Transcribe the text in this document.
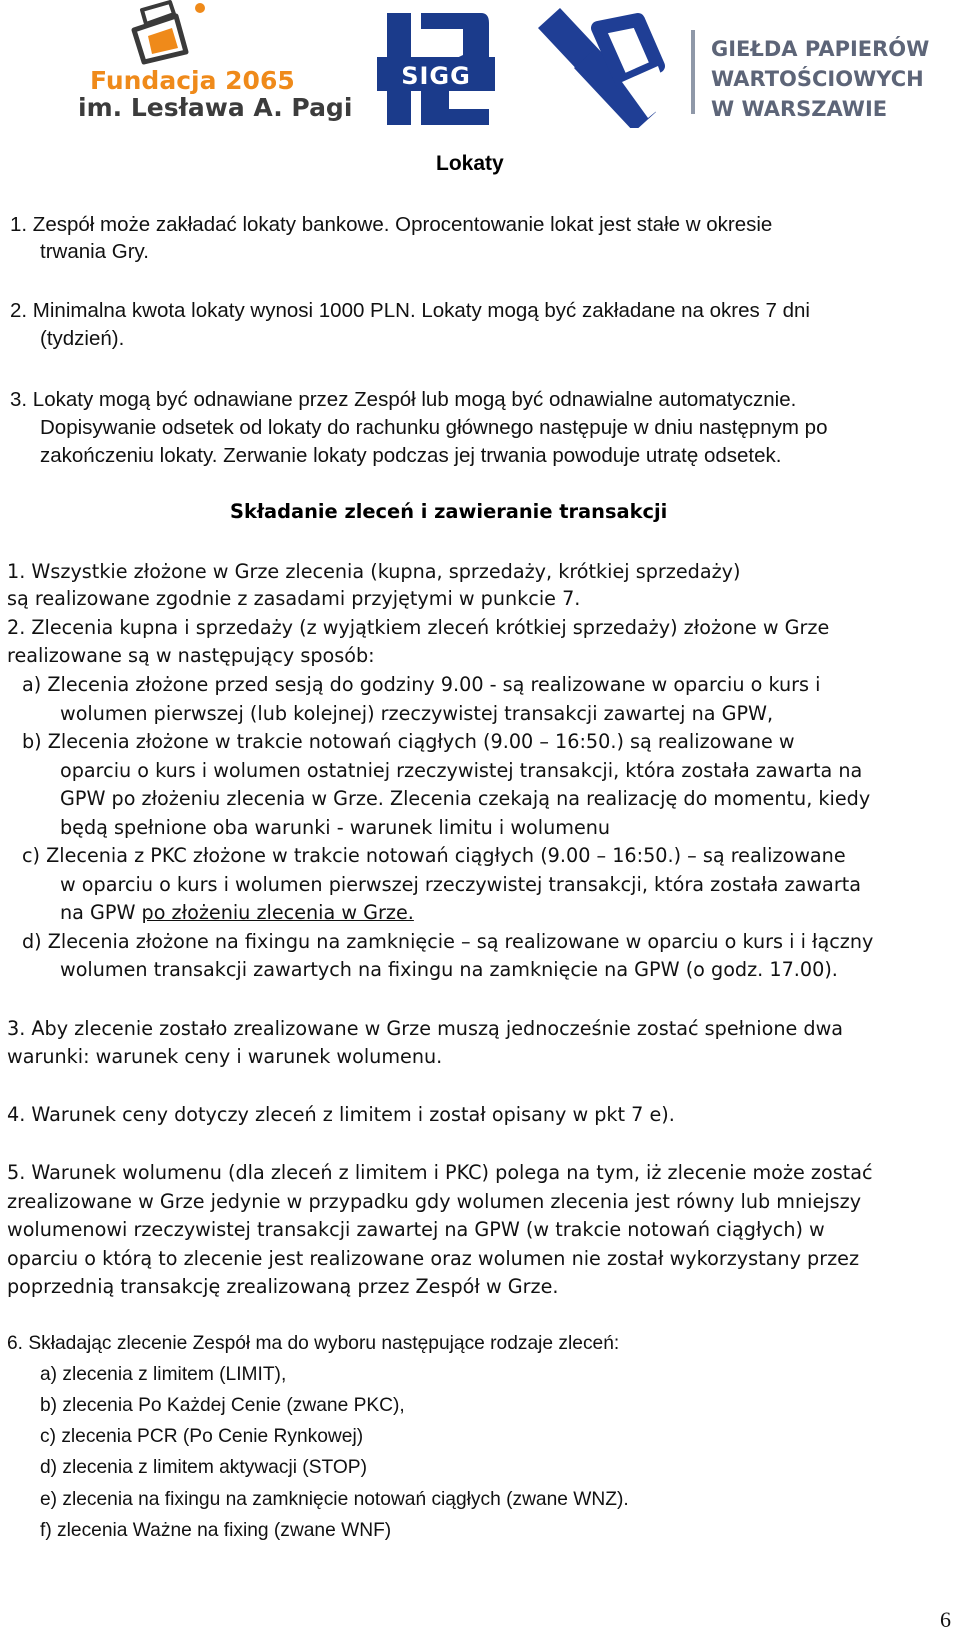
Fundacja 2065
im. Lesława A. Pagi
SIGG
GIEŁDA PAPIERÓW
WARTOŚCIOWYCH
W WARSZAWIE
Lokaty
1. Zespół może zakładać lokaty bankowe. Oprocentowanie lokat jest stałe w okresie
trwania Gry.
2. Minimalna kwota lokaty wynosi 1000 PLN. Lokaty mogą być zakładane na okres 7 dni
(tydzień).
3. Lokaty mogą być odnawiane przez Zespół lub mogą być odnawialne automatycznie.
Dopisywanie odsetek od lokaty do rachunku głównego następuje w dniu następnym po
zakończeniu lokaty. Zerwanie lokaty podczas jej trwania powoduje utratę odsetek.
Składanie zleceń i zawieranie transakcji
1. Wszystkie złożone w Grze zlecenia (kupna, sprzedaży, krótkiej sprzedaży)
są realizowane zgodnie z zasadami przyjętymi w punkcie 7.
2. Zlecenia kupna i sprzedaży (z wyjątkiem zleceń krótkiej sprzedaży) złożone w Grze
realizowane są w następujący sposób:
a) Zlecenia złożone przed sesją do godziny 9.00 - są realizowane w oparciu o kurs i
wolumen pierwszej (lub kolejnej) rzeczywistej transakcji zawartej na GPW,
b) Zlecenia złożone w trakcie notowań ciągłych (9.00 – 16:50.) są realizowane w
oparciu o kurs i wolumen ostatniej rzeczywistej transakcji, która została zawarta na
GPW po złożeniu zlecenia w Grze. Zlecenia czekają na realizację do momentu, kiedy
będą spełnione oba warunki - warunek limitu i wolumenu
c) Zlecenia z PKC złożone w trakcie notowań ciągłych (9.00 – 16:50.) – są realizowane
w oparciu o kurs i wolumen pierwszej rzeczywistej transakcji, która została zawarta
na GPW po złożeniu zlecenia w Grze.
d) Zlecenia złożone na fixingu na zamknięcie – są realizowane w oparciu o kurs i i łączny
wolumen transakcji zawartych na fixingu na zamknięcie na GPW (o godz. 17.00).
3. Aby zlecenie zostało zrealizowane w Grze muszą jednocześnie zostać spełnione dwa
warunki: warunek ceny i warunek wolumenu.
4. Warunek ceny dotyczy zleceń z limitem i został opisany w pkt 7 e).
5. Warunek wolumenu (dla zleceń z limitem i PKC) polega na tym, iż zlecenie może zostać
zrealizowane w Grze jedynie w przypadku gdy wolumen zlecenia jest równy lub mniejszy
wolumenowi rzeczywistej transakcji zawartej na GPW (w trakcie notowań ciągłych) w
oparciu o którą to zlecenie jest realizowane oraz wolumen nie został wykorzystany przez
poprzednią transakcję zrealizowaną przez Zespół w Grze.
6. Składając zlecenie Zespół ma do wyboru następujące rodzaje zleceń:
a) zlecenia z limitem (LIMIT),
b) zlecenia Po Każdej Cenie (zwane PKC),
c) zlecenia PCR (Po Cenie Rynkowej)
d) zlecenia z limitem aktywacji (STOP)
e) zlecenia na fixingu na zamknięcie notowań ciągłych (zwane WNZ).
f) zlecenia Ważne na fixing (zwane WNF)
6
